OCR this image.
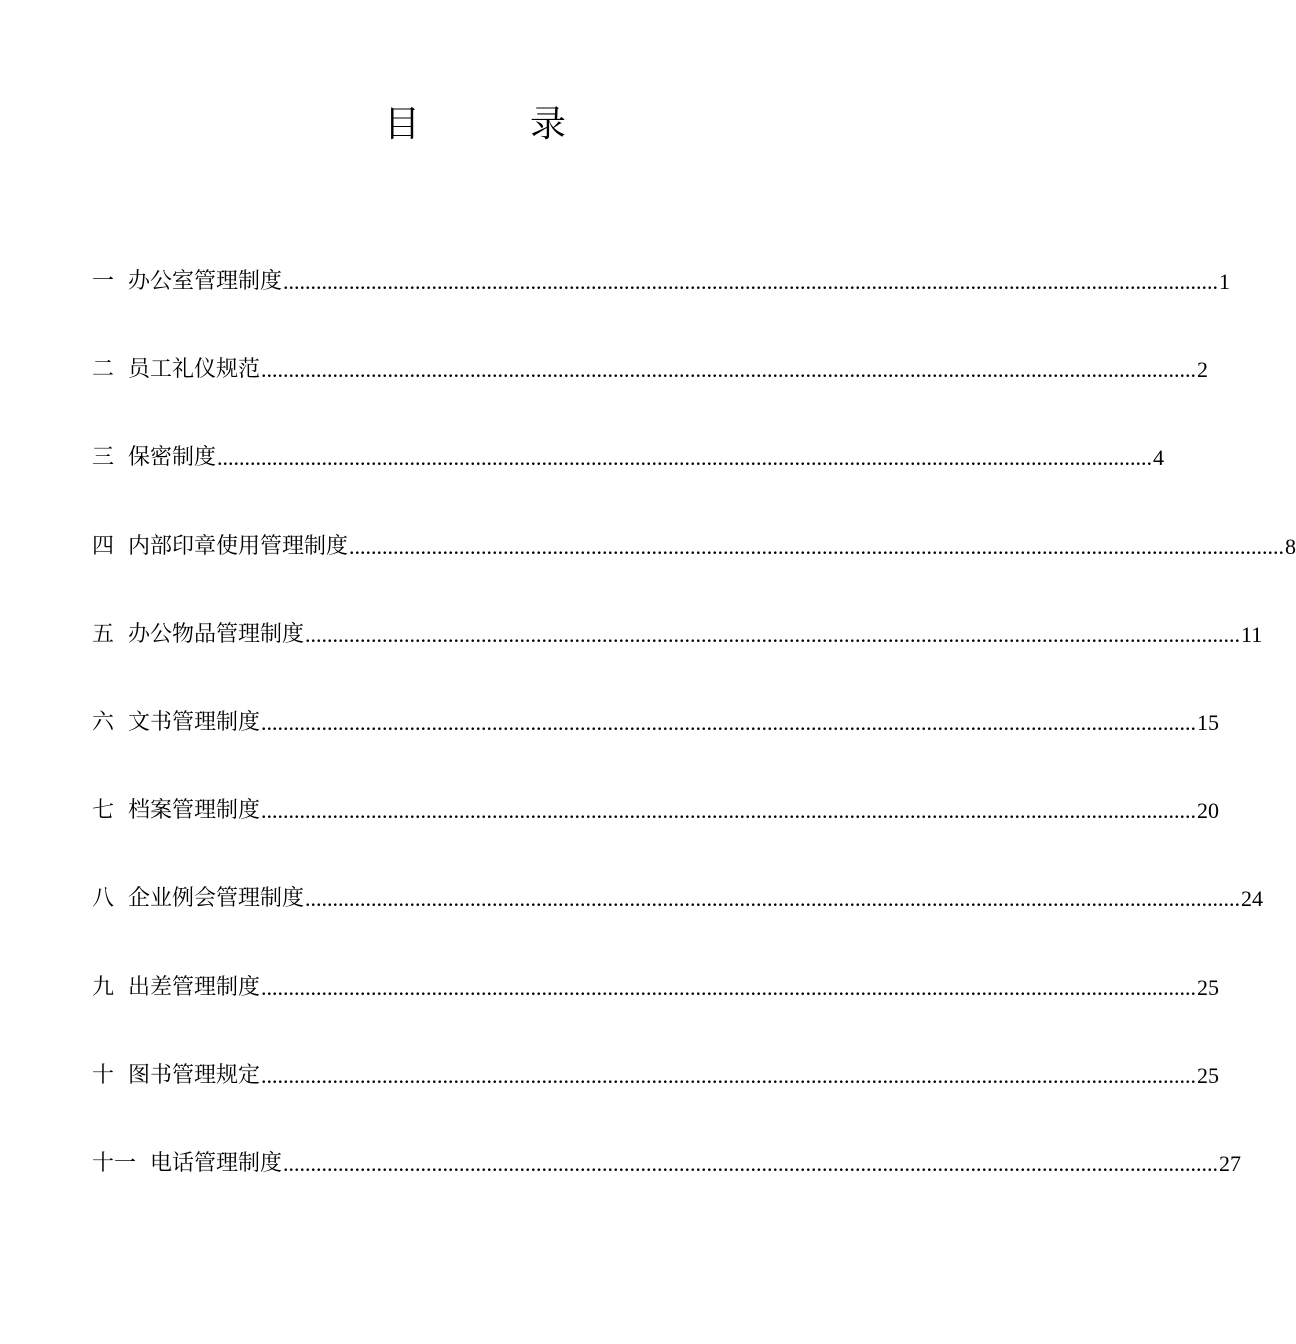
目	录
一 办公室管理制度 .......................................................................................................................................................................... 1
二 员工礼仪规范 .......................................................................................................................................................................... 2
三 保密制度 .......................................................................................................................................................................... 4
四 内部印章使用管理制度 .......................................................................................................................................................................... 8
五 办公物品管理制度 .......................................................................................................................................................................... 11
六 文书管理制度 .......................................................................................................................................................................... 15
七 档案管理制度 .......................................................................................................................................................................... 20
八 企业例会管理制度 .......................................................................................................................................................................... 24
九 出差管理制度 .......................................................................................................................................................................... 25
十 图书管理规定 .......................................................................................................................................................................... 25
十一 电话管理制度 .......................................................................................................................................................................... 27
